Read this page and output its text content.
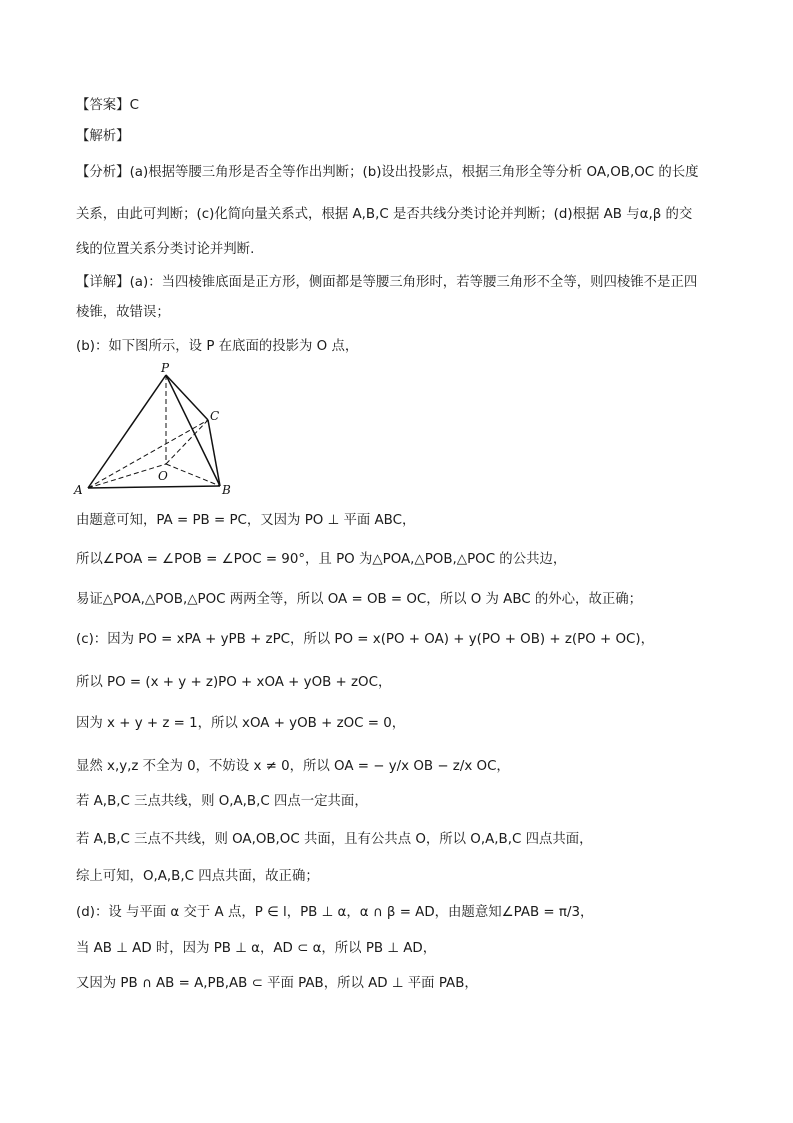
【答案】C
【解析】
【分析】(a)根据等腰三角形是否全等作出判断；(b)设出投影点，根据三角形全等分析 OA,OB,OC 的长度
关系，由此可判断；(c)化简向量关系式，根据 A,B,C 是否共线分类讨论并判断；(d)根据 AB 与α,β 的交
线的位置关系分类讨论并判断.
【详解】(a)：当四棱锥底面是正方形，侧面都是等腰三角形时，若等腰三角形不全等，则四棱锥不是正四
棱锥，故错误；
(b)：如下图所示，设 P 在底面的投影为 O 点，
P
C
O
A	B
由题意可知，PA = PB = PC，又因为 PO ⊥ 平面 ABC，
所以∠POA = ∠POB = ∠POC = 90°，且 PO 为△POA,△POB,△POC 的公共边，
易证△POA,△POB,△POC 两两全等，所以 OA = OB = OC，所以 O 为 ABC 的外心，故正确；
(c)：因为 PO = xPA + yPB + zPC，所以 PO = x(PO + OA) + y(PO + OB) + z(PO + OC)，
所以 PO = (x + y + z)PO + xOA + yOB + zOC，
因为 x + y + z = 1，所以 xOA + yOB + zOC = 0，
显然 x,y,z 不全为 0，不妨设 x ≠ 0，所以 OA = − y/x OB − z/x OC，
若 A,B,C 三点共线，则 O,A,B,C 四点一定共面，
若 A,B,C 三点不共线，则 OA,OB,OC 共面，且有公共点 O，所以 O,A,B,C 四点共面，
综上可知，O,A,B,C 四点共面，故正确；
(d)：设 与平面 α 交于 A 点，P ∈ l，PB ⊥ α，α ∩ β = AD，由题意知∠PAB = π/3，
当 AB ⊥ AD 时，因为 PB ⊥ α，AD ⊂ α，所以 PB ⊥ AD，
又因为 PB ∩ AB = A,PB,AB ⊂ 平面 PAB，所以 AD ⊥ 平面 PAB，
